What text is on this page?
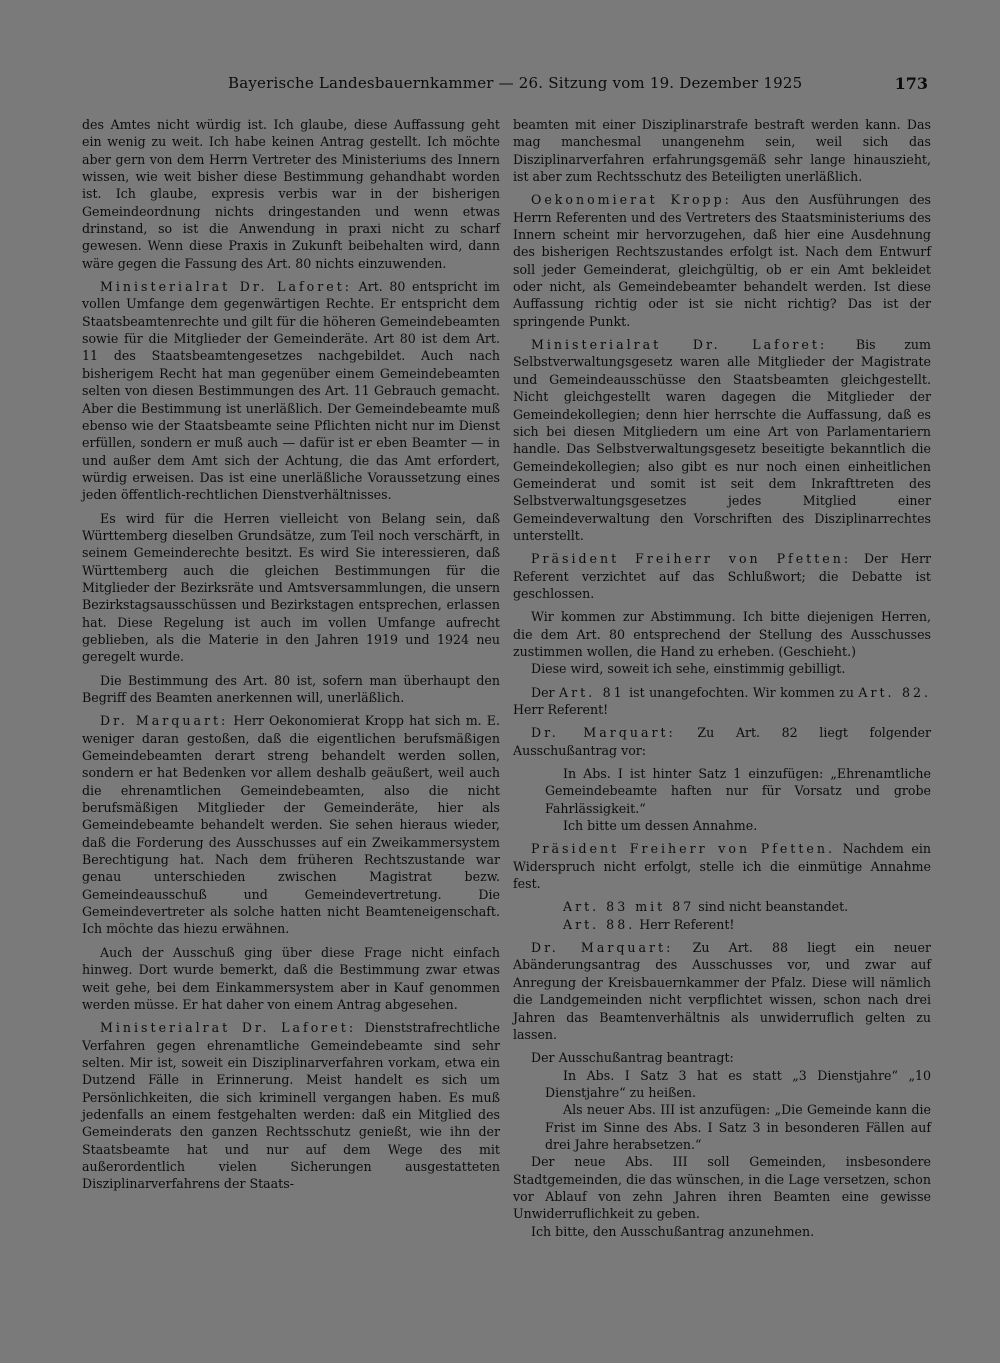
Bayerische Landesbauernkammer — 26. Sitzung vom 19. Dezember 1925	173

des Amtes nicht würdig ist. Ich glaube, diese Auffassung geht ein wenig zu weit. Ich habe keinen Antrag gestellt. Ich möchte aber gern von dem Herrn Vertreter des Ministeriums des Innern wissen, wie weit bisher diese Bestimmung gehandhabt worden ist. Ich glaube, expresis verbis war in der bisherigen Gemeindeordnung nichts dringestanden und wenn etwas drinstand, so ist die Anwendung in praxi nicht zu scharf gewesen. Wenn diese Praxis in Zukunft beibehalten wird, dann wäre gegen die Fassung des Art. 80 nichts einzuwenden.

Ministerialrat Dr. Laforet: Art. 80 entspricht im vollen Umfange dem gegenwärtigen Rechte. Er entspricht dem Staatsbeamtenrechte und gilt für die höheren Gemeindebeamten sowie für die Mitglieder der Gemeinderäte. Art 80 ist dem Art. 11 des Staatsbeamtengesetzes nachgebildet. Auch nach bisherigem Recht hat man gegenüber einem Gemeindebeamten selten von diesen Bestimmungen des Art. 11 Gebrauch gemacht. Aber die Bestimmung ist unerläßlich. Der Gemeindebeamte muß ebenso wie der Staatsbeamte seine Pflichten nicht nur im Dienst erfüllen, sondern er muß auch — dafür ist er eben Beamter — in und außer dem Amt sich der Achtung, die das Amt erfordert, würdig erweisen. Das ist eine unerläßliche Voraussetzung eines jeden öffentlich-rechtlichen Dienstverhältnisses.

Es wird für die Herren vielleicht von Belang sein, daß Württemberg dieselben Grundsätze, zum Teil noch verschärft, in seinem Gemeinderechte besitzt. Es wird Sie interessieren, daß Württemberg auch die gleichen Bestimmungen für die Mitglieder der Bezirksräte und Amtsversammlungen, die unsern Bezirkstagsausschüssen und Bezirkstagen entsprechen, erlassen hat. Diese Regelung ist auch im vollen Umfange aufrecht geblieben, als die Materie in den Jahren 1919 und 1924 neu geregelt wurde.

Die Bestimmung des Art. 80 ist, sofern man überhaupt den Begriff des Beamten anerkennen will, unerläßlich.

Dr. Marquart: Herr Oekonomierat Kropp hat sich m. E. weniger daran gestoßen, daß die eigentlichen berufsmäßigen Gemeindebeamten derart streng behandelt werden sollen, sondern er hat Bedenken vor allem deshalb geäußert, weil auch die ehrenamtlichen Gemeindebeamten, also die nicht berufsmäßigen Mitglieder der Gemeinderäte, hier als Gemeindebeamte behandelt werden. Sie sehen hieraus wieder, daß die Forderung des Ausschusses auf ein Zweikammersystem Berechtigung hat. Nach dem früheren Rechtszustande war genau unterschieden zwischen Magistrat bezw. Gemeindeausschuß und Gemeindevertretung. Die Gemeindevertreter als solche hatten nicht Beamteneigenschaft. Ich möchte das hiezu erwähnen.

Auch der Ausschuß ging über diese Frage nicht einfach hinweg. Dort wurde bemerkt, daß die Bestimmung zwar etwas weit gehe, bei dem Einkammersystem aber in Kauf genommen werden müsse. Er hat daher von einem Antrag abgesehen.

Ministerialrat Dr. Laforet: Dienststrafrechtliche Verfahren gegen ehrenamtliche Gemeindebeamte sind sehr selten. Mir ist, soweit ein Disziplinarverfahren vorkam, etwa ein Dutzend Fälle in Erinnerung. Meist handelt es sich um Persönlichkeiten, die sich kriminell vergangen haben. Es muß jedenfalls an einem festgehalten werden: daß ein Mitglied des Gemeinderats den ganzen Rechtsschutz genießt, wie ihn der Staatsbeamte hat und nur auf dem Wege des mit außerordentlich vielen Sicherungen ausgestatteten Disziplinarverfahrens der Staats-

beamten mit einer Disziplinarstrafe bestraft werden kann. Das mag manchesmal unangenehm sein, weil sich das Disziplinarverfahren erfahrungsgemäß sehr lange hinauszieht, ist aber zum Rechtsschutz des Beteiligten unerläßlich.

Oekonomierat Kropp: Aus den Ausführungen des Herrn Referenten und des Vertreters des Staatsministeriums des Innern scheint mir hervorzugehen, daß hier eine Ausdehnung des bisherigen Rechtszustandes erfolgt ist. Nach dem Entwurf soll jeder Gemeinderat, gleichgültig, ob er ein Amt bekleidet oder nicht, als Gemeindebeamter behandelt werden. Ist diese Auffassung richtig oder ist sie nicht richtig? Das ist der springende Punkt.

Ministerialrat Dr. Laforet: Bis zum Selbstverwaltungsgesetz waren alle Mitglieder der Magistrate und Gemeindeausschüsse den Staatsbeamten gleichgestellt. Nicht gleichgestellt waren dagegen die Mitglieder der Gemeindekollegien; denn hier herrschte die Auffassung, daß es sich bei diesen Mitgliedern um eine Art von Parlamentariern handle. Das Selbstverwaltungsgesetz beseitigte bekanntlich die Gemeindekollegien; also gibt es nur noch einen einheitlichen Gemeinderat und somit ist seit dem Inkrafttreten des Selbstverwaltungsgesetzes jedes Mitglied einer Gemeindeverwaltung den Vorschriften des Disziplinarrechtes unterstellt.

Präsident Freiherr von Pfetten: Der Herr Referent verzichtet auf das Schlußwort; die Debatte ist geschlossen.

Wir kommen zur Abstimmung. Ich bitte diejenigen Herren, die dem Art. 80 entsprechend der Stellung des Ausschusses zustimmen wollen, die Hand zu erheben. (Geschieht.)

Diese wird, soweit ich sehe, einstimmig gebilligt.

Der Art. 81 ist unangefochten. Wir kommen zu Art. 82. Herr Referent!

Dr. Marquart: Zu Art. 82 liegt folgender Ausschußantrag vor:

In Abs. I ist hinter Satz 1 einzufügen: „Ehrenamtliche Gemeindebeamte haften nur für Vorsatz und grobe Fahrlässigkeit.“

Ich bitte um dessen Annahme.

Präsident Freiherr von Pfetten. Nachdem ein Widerspruch nicht erfolgt, stelle ich die einmütige Annahme fest.

Art. 83 mit 87 sind nicht beanstandet.

Art. 88. Herr Referent!

Dr. Marquart: Zu Art. 88 liegt ein neuer Abänderungsantrag des Ausschusses vor, und zwar auf Anregung der Kreisbauernkammer der Pfalz. Diese will nämlich die Landgemeinden nicht verpflichtet wissen, schon nach drei Jahren das Beamtenverhältnis als unwiderruflich gelten zu lassen.

Der Ausschußantrag beantragt:

In Abs. I Satz 3 hat es statt „3 Dienstjahre“ „10 Dienstjahre“ zu heißen.

Als neuer Abs. III ist anzufügen: „Die Gemeinde kann die Frist im Sinne des Abs. I Satz 3 in besonderen Fällen auf drei Jahre herabsetzen.“

Der neue Abs. III soll Gemeinden, insbesondere Stadtgemeinden, die das wünschen, in die Lage versetzen, schon vor Ablauf von zehn Jahren ihren Beamten eine gewisse Unwiderruflichkeit zu geben.

Ich bitte, den Ausschußantrag anzunehmen.
